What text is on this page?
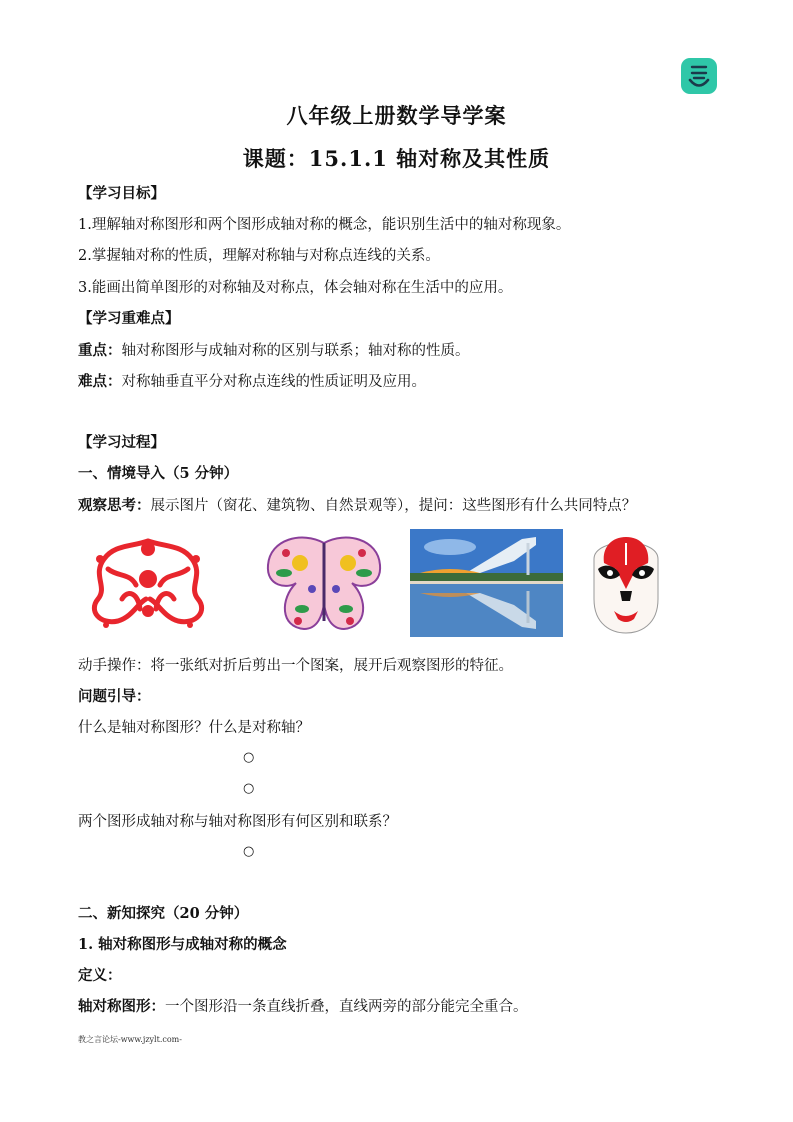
八年级上册数学导学案
课题：15.1.1 轴对称及其性质
【学习目标】
1.理解轴对称图形和两个图形成轴对称的概念，能识别生活中的轴对称现象。
2.掌握轴对称的性质，理解对称轴与对称点连线的关系。
3.能画出简单图形的对称轴及对称点，体会轴对称在生活中的应用。
【学习重难点】
重点：轴对称图形与成轴对称的区别与联系；轴对称的性质。
难点：对称轴垂直平分对称点连线的性质证明及应用。
【学习过程】
一、情境导入（5 分钟）
观察思考：展示图片（窗花、建筑物、自然景观等），提问：这些图形有什么共同特点？
动手操作：将一张纸对折后剪出一个图案，展开后观察图形的特征。
问题引导：
什么是轴对称图形？什么是对称轴？
○
○
两个图形成轴对称与轴对称图形有何区别和联系？
○
二、新知探究（20 分钟）
1. 轴对称图形与成轴对称的概念
定义：
轴对称图形：一个图形沿一条直线折叠，直线两旁的部分能完全重合。
教之言论坛-www.jzylt.com-
